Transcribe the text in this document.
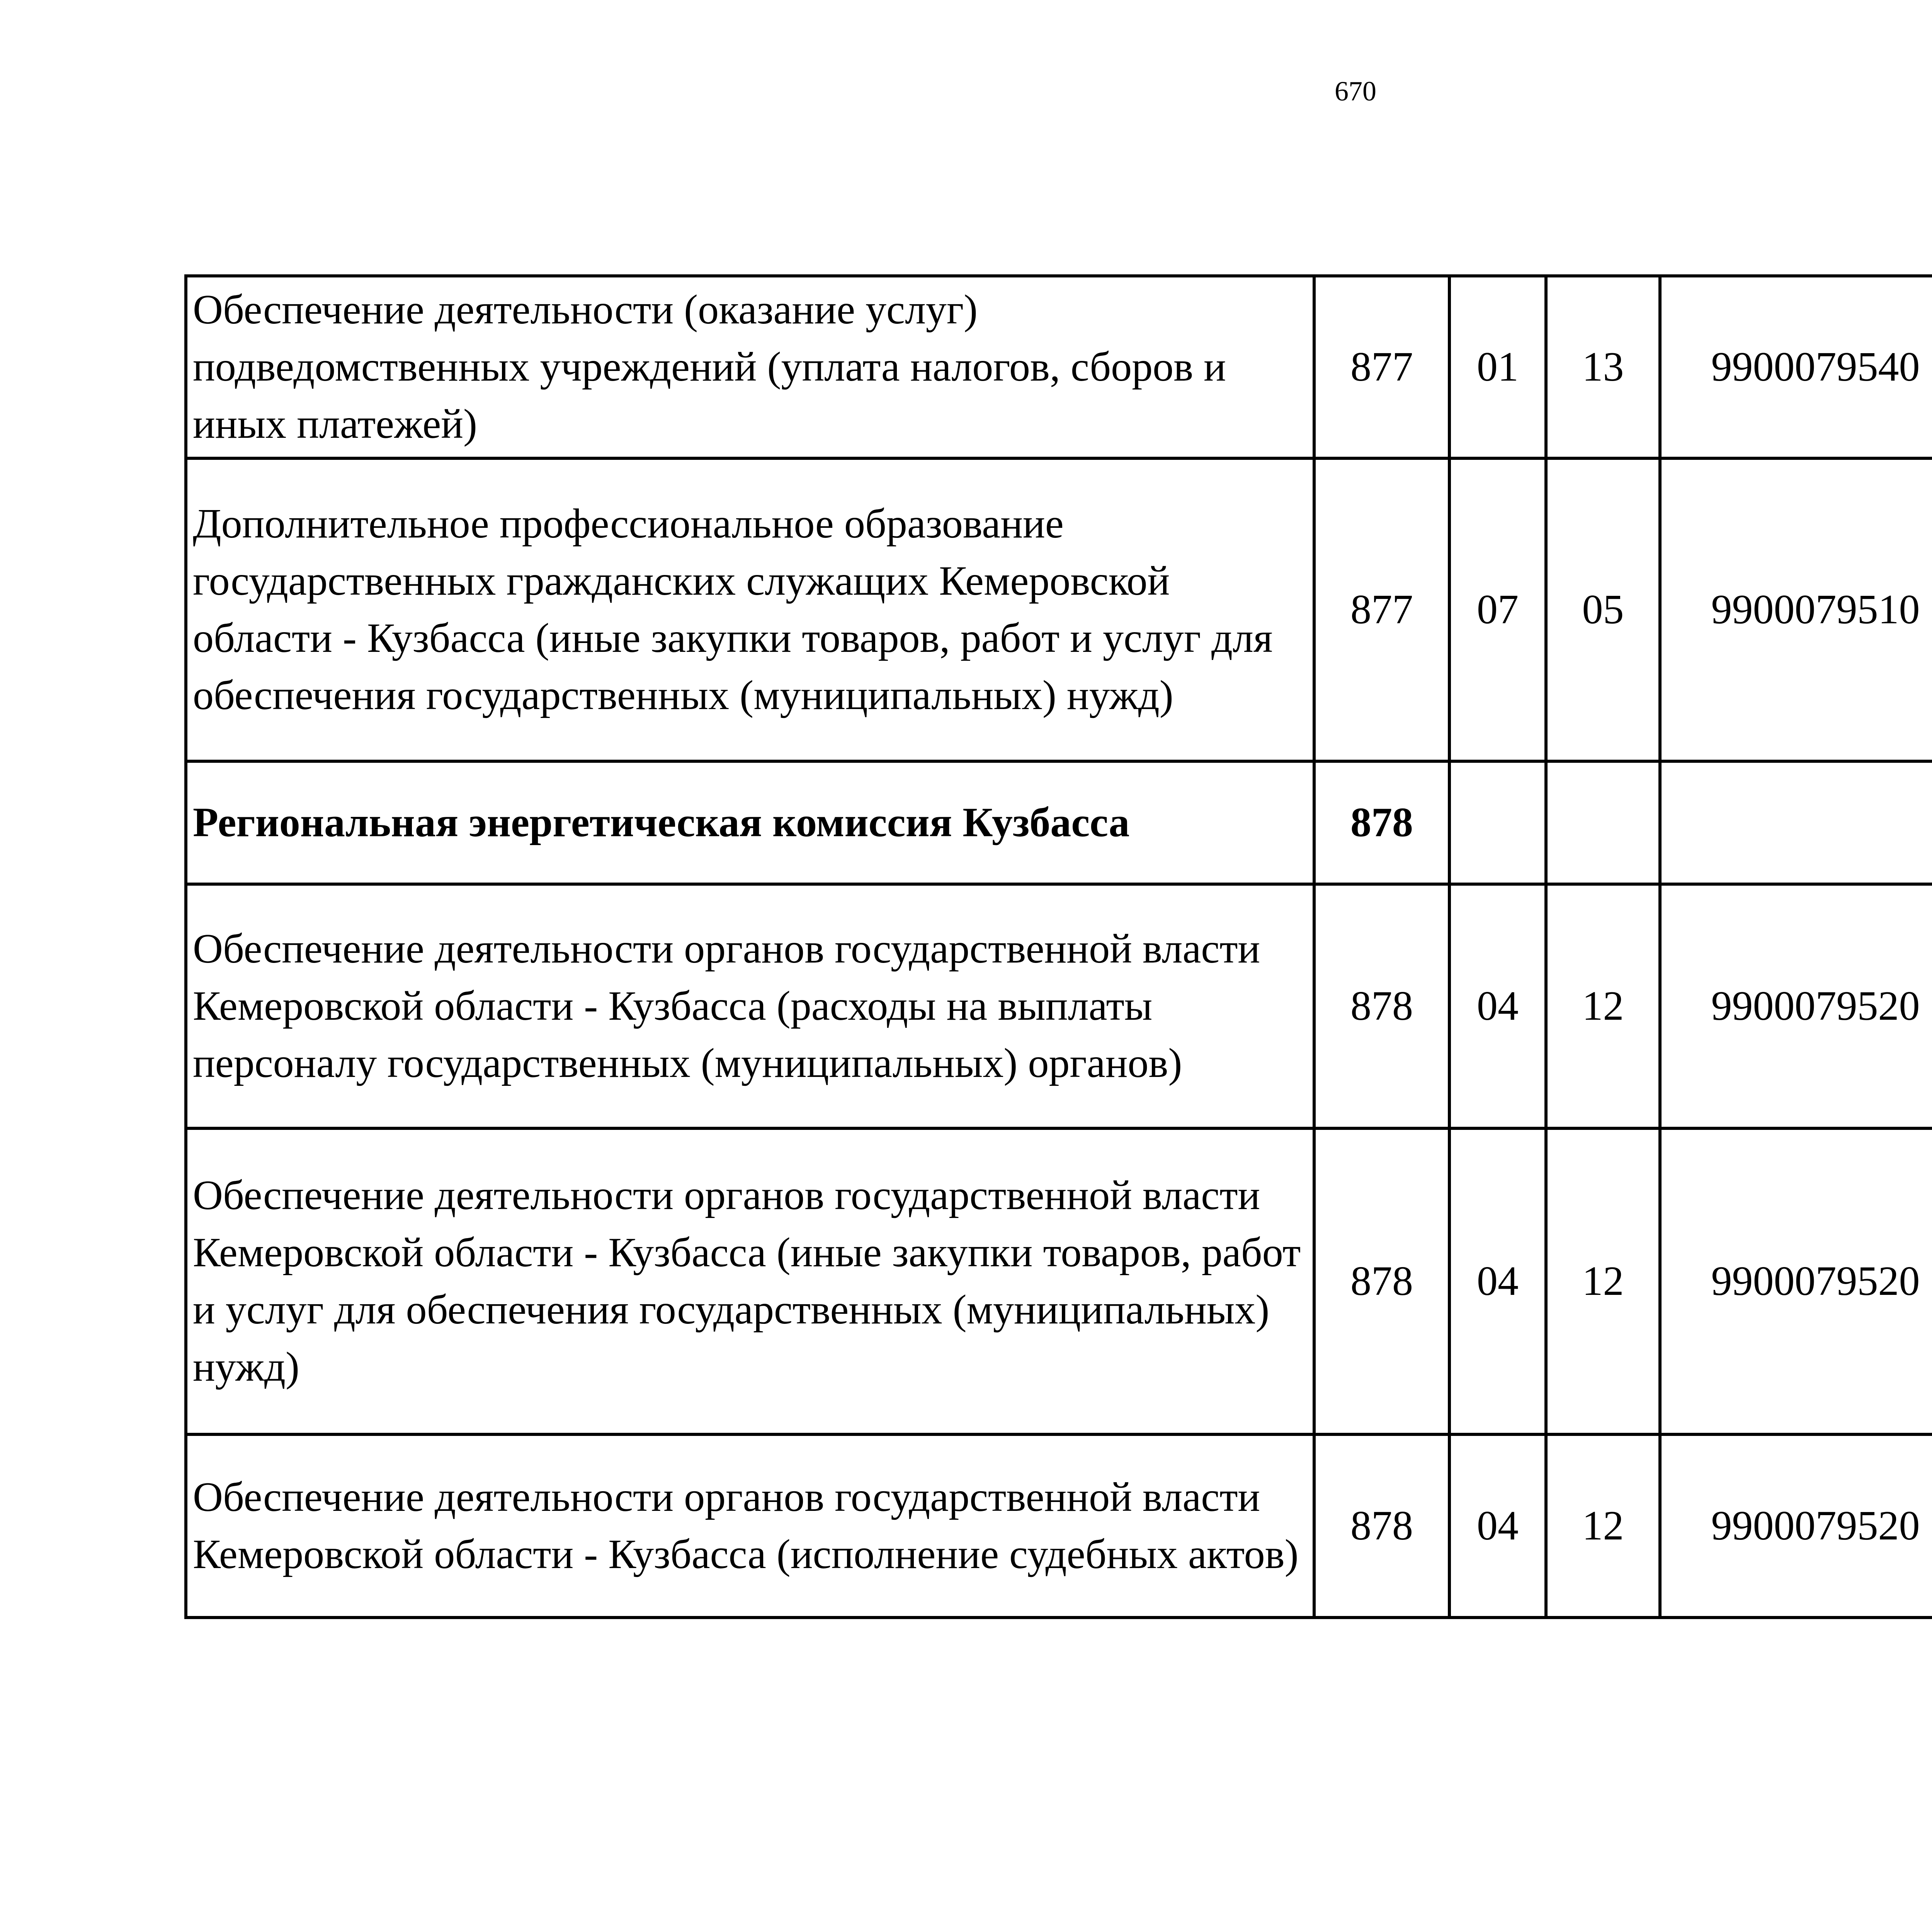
670
Обеспечение деятельности (оказание услуг) подведомственных учреждений (уплата налогов, сборов и иных платежей)	877	01	13	9900079540		
Дополнительное профессиональное образование государственных гражданских служащих Кемеровской области - Кузбасса (иные закупки товаров, работ и услуг для обеспечения государственных (муниципальных) нужд)	877	07	05	9900079510		
Региональная энергетическая комиссия Кузбасса	878					
Обеспечение деятельности органов государственной власти Кемеровской области - Кузбасса (расходы на выплаты персоналу государственных (муниципальных) органов)	878	04	12	9900079520		
Обеспечение деятельности органов государственной власти Кемеровской области - Кузбасса (иные закупки товаров, работ и услуг для обеспечения государственных (муниципальных) нужд)	878	04	12	9900079520		
Обеспечение деятельности органов государственной власти Кемеровской области - Кузбасса (исполнение судебных актов)	878	04	12	9900079520		
